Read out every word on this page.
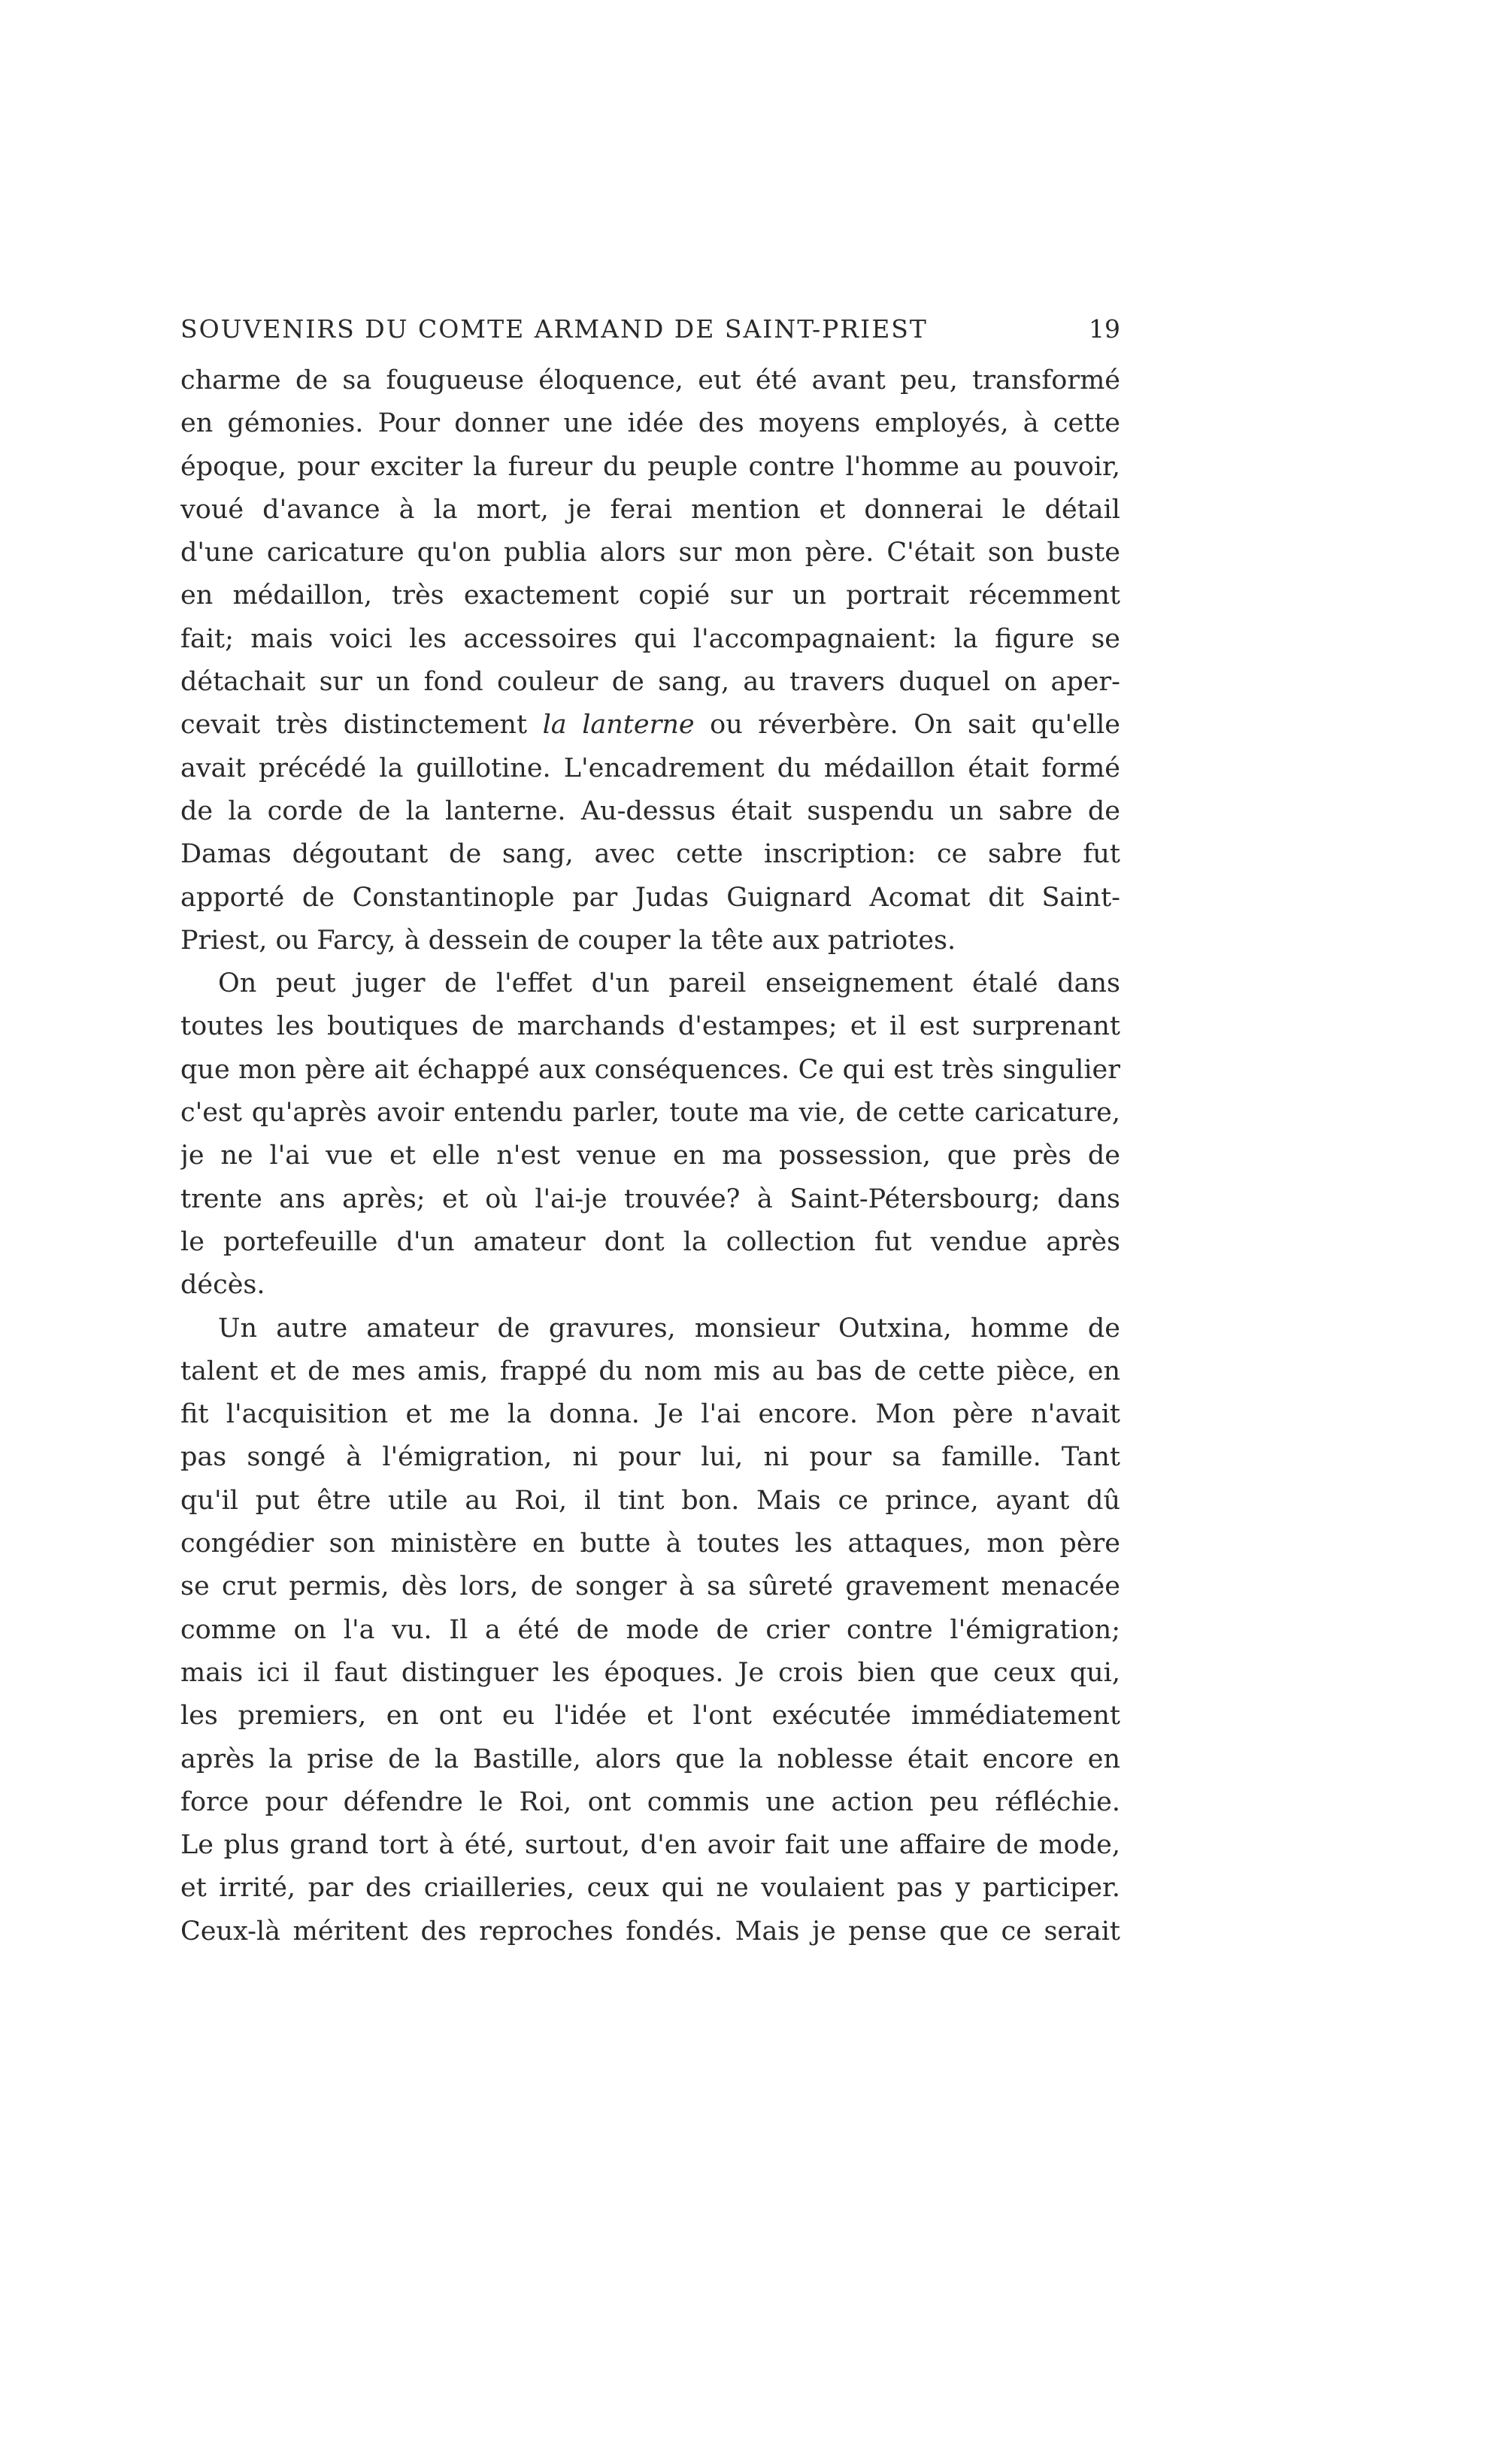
SOUVENIRS DU COMTE ARMAND DE SAINT-PRIEST	19
charme de sa fougueuse éloquence, eut été avant peu, transformé
en gémonies. Pour donner une idée des moyens employés, à cette
époque, pour exciter la fureur du peuple contre l'homme au pouvoir,
voué d'avance à la mort, je ferai mention et donnerai le détail
d'une caricature qu'on publia alors sur mon père. C'était son buste
en médaillon, très exactement copié sur un portrait récemment
fait; mais voici les accessoires qui l'accompagnaient: la figure se
détachait sur un fond couleur de sang, au travers duquel on aper-
cevait très distinctement la lanterne ou réverbère. On sait qu'elle
avait précédé la guillotine. L'encadrement du médaillon était formé
de la corde de la lanterne. Au-dessus était suspendu un sabre de
Damas dégoutant de sang, avec cette inscription: ce sabre fut
apporté de Constantinople par Judas Guignard Acomat dit Saint-
Priest, ou Farcy, à dessein de couper la tête aux patriotes.
On peut juger de l'effet d'un pareil enseignement étalé dans
toutes les boutiques de marchands d'estampes; et il est surprenant
que mon père ait échappé aux conséquences. Ce qui est très singulier
c'est qu'après avoir entendu parler, toute ma vie, de cette caricature,
je ne l'ai vue et elle n'est venue en ma possession, que près de
trente ans après; et où l'ai-je trouvée? à Saint-Pétersbourg; dans
le portefeuille d'un amateur dont la collection fut vendue après
décès.
Un autre amateur de gravures, monsieur Outxina, homme de
talent et de mes amis, frappé du nom mis au bas de cette pièce, en
fit l'acquisition et me la donna. Je l'ai encore. Mon père n'avait
pas songé à l'émigration, ni pour lui, ni pour sa famille. Tant
qu'il put être utile au Roi, il tint bon. Mais ce prince, ayant dû
congédier son ministère en butte à toutes les attaques, mon père
se crut permis, dès lors, de songer à sa sûreté gravement menacée
comme on l'a vu. Il a été de mode de crier contre l'émigration;
mais ici il faut distinguer les époques. Je crois bien que ceux qui,
les premiers, en ont eu l'idée et l'ont exécutée immédiatement
après la prise de la Bastille, alors que la noblesse était encore en
force pour défendre le Roi, ont commis une action peu réfléchie.
Le plus grand tort à été, surtout, d'en avoir fait une affaire de mode,
et irrité, par des criailleries, ceux qui ne voulaient pas y participer.
Ceux-là méritent des reproches fondés. Mais je pense que ce serait
